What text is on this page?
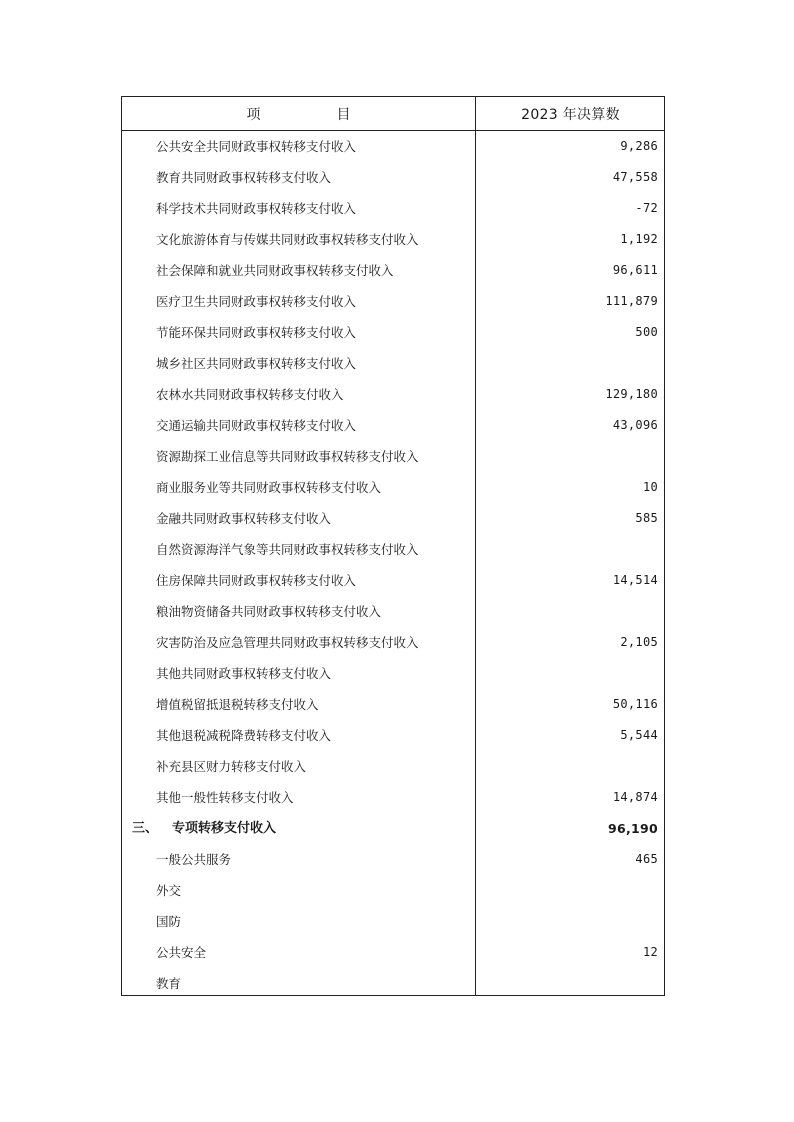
项	目	2023 年决算数
公共安全共同财政事权转移支付收入	9,286
教育共同财政事权转移支付收入	47,558
科学技术共同财政事权转移支付收入	-72
文化旅游体育与传媒共同财政事权转移支付收入	1,192
社会保障和就业共同财政事权转移支付收入	96,611
医疗卫生共同财政事权转移支付收入	111,879
节能环保共同财政事权转移支付收入	500
城乡社区共同财政事权转移支付收入
农林水共同财政事权转移支付收入	129,180
交通运输共同财政事权转移支付收入	43,096
资源勘探工业信息等共同财政事权转移支付收入
商业服务业等共同财政事权转移支付收入	10
金融共同财政事权转移支付收入	585
自然资源海洋气象等共同财政事权转移支付收入
住房保障共同财政事权转移支付收入	14,514
粮油物资储备共同财政事权转移支付收入
灾害防治及应急管理共同财政事权转移支付收入	2,105
其他共同财政事权转移支付收入
增值税留抵退税转移支付收入	50,116
其他退税减税降费转移支付收入	5,544
补充县区财力转移支付收入
其他一般性转移支付收入	14,874
三、 专项转移支付收入	96,190
一般公共服务	465
外交
国防
公共安全	12
教育
